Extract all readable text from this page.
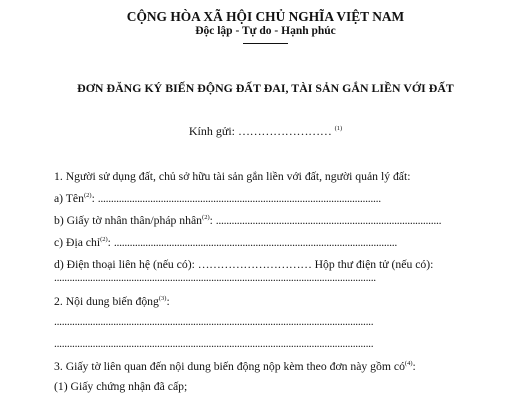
CỘNG HÒA XÃ HỘI CHỦ NGHĨA VIỆT NAM
Độc lập - Tự do - Hạnh phúc
ĐƠN ĐĂNG KÝ BIẾN ĐỘNG ĐẤT ĐAI, TÀI SẢN GẮN LIỀN VỚI ĐẤT
Kính gửi: …………………… $^{(1)}$
1. Người sử dụng đất, chủ sở hữu tài sản gắn liền với đất, người quản lý đất:
a) Tên$^{(2)}$: ............................................................................................................
b) Giấy tờ nhân thân/pháp nhân$^{(2)}$: ......................................................................................
c) Địa chỉ$^{(2)}$: ............................................................................................................
d) Điện thoại liên hệ (nếu có): ………………………… Hộp thư điện tử (nếu có):
.............................................................................................................................
2. Nội dung biến động$^{(3)}$:
............................................................................................................................
............................................................................................................................
3. Giấy tờ liên quan đến nội dung biến động nộp kèm theo đơn này gồm $có^{(4)}$:
(1) Giấy chứng nhận đã cấp;
